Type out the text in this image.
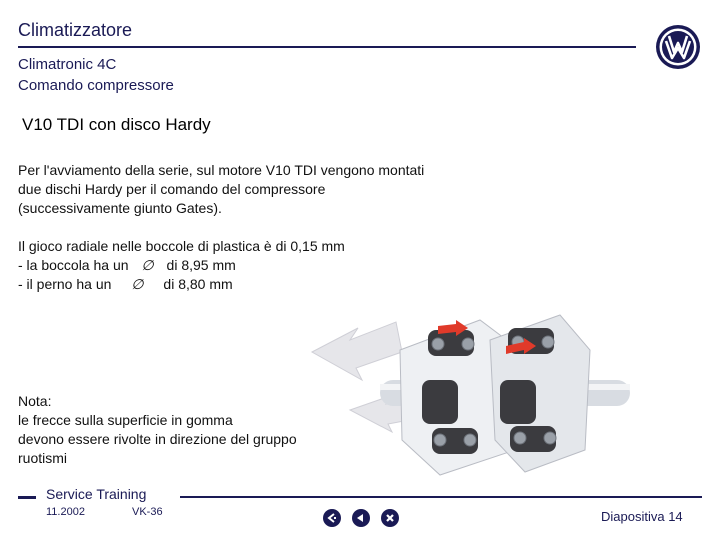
Climatizzatore
Climatronic 4C
Comando compressore
V10 TDI con disco Hardy
Per l'avviamento della serie, sul motore V10 TDI vengono montati
due dischi Hardy per il comando del compressore
(successivamente giunto Gates).
Il gioco radiale nelle boccole di plastica è di 0,15 mm
- la boccola ha un ∅ di 8,95 mm
- il perno ha un ∅ di 8,80 mm
Nota:
le frecce sulla superficie in gomma
devono essere rivolte in direzione del gruppo
ruotismi
Service Training
11.2002	VK-36	Diapositiva 14
